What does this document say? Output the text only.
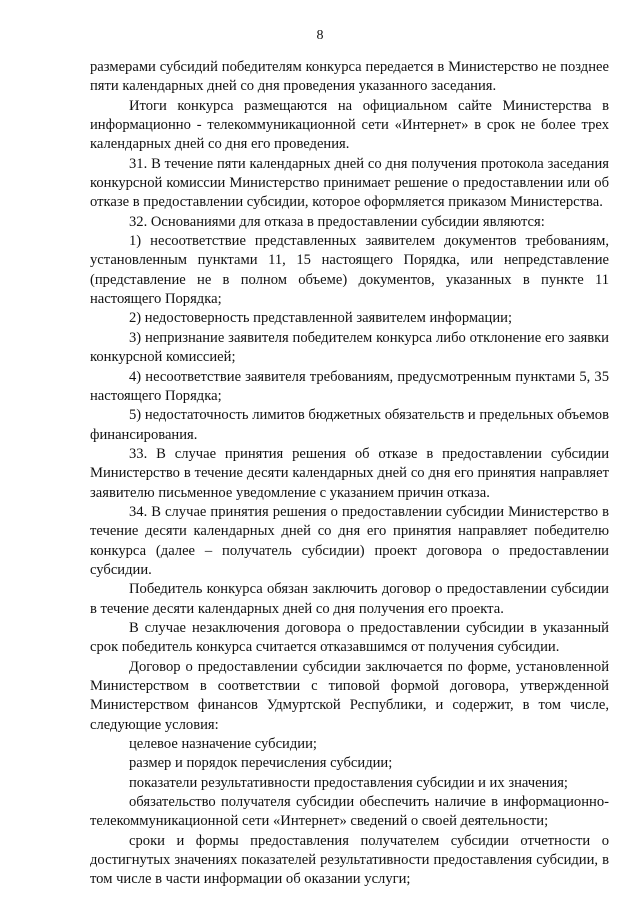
8

размерами субсидий победителям конкурса передается в Министерство не позднее пяти календарных дней со дня проведения указанного заседания.

Итоги конкурса размещаются на официальном сайте Министерства в информационно - телекоммуникационной сети «Интернет» в срок не более трех календарных дней со дня его проведения.

31. В течение пяти календарных дней со дня получения протокола заседания конкурсной комиссии Министерство принимает решение о предоставлении или об отказе в предоставлении субсидии, которое оформляется приказом Министерства.

32. Основаниями для отказа в предоставлении субсидии являются:

1) несоответствие представленных заявителем документов требованиям, установленным пунктами 11, 15 настоящего Порядка, или непредставление (представление не в полном объеме) документов, указанных в пункте 11 настоящего Порядка;

2) недостоверность представленной заявителем информации;

3) непризнание заявителя победителем конкурса либо отклонение его заявки конкурсной комиссией;

4) несоответствие заявителя требованиям, предусмотренным пунктами 5, 35 настоящего Порядка;

5) недостаточность лимитов бюджетных обязательств и предельных объемов финансирования.

33. В случае принятия решения об отказе в предоставлении субсидии Министерство в течение десяти календарных дней со дня его принятия направляет заявителю письменное уведомление с указанием причин отказа.

34. В случае принятия решения о предоставлении субсидии Министерство в течение десяти календарных дней со дня его принятия направляет победителю конкурса (далее – получатель субсидии) проект договора о предоставлении субсидии.

Победитель конкурса обязан заключить договор о предоставлении субсидии в течение десяти календарных дней со дня получения его проекта.

В случае незаключения договора о предоставлении субсидии в указанный срок победитель конкурса считается отказавшимся от получения субсидии.

Договор о предоставлении субсидии заключается по форме, установленной Министерством в соответствии с типовой формой договора, утвержденной Министерством финансов Удмуртской Республики, и содержит, в том числе, следующие условия:

целевое назначение субсидии;

размер и порядок перечисления субсидии;

показатели результативности предоставления субсидии и их значения;

обязательство получателя субсидии обеспечить наличие в информационно-телекоммуникационной сети «Интернет» сведений о своей деятельности;

сроки и формы предоставления получателем субсидии отчетности о достигнутых значениях показателей результативности предоставления субсидии, в том числе в части информации об оказании услуги;
